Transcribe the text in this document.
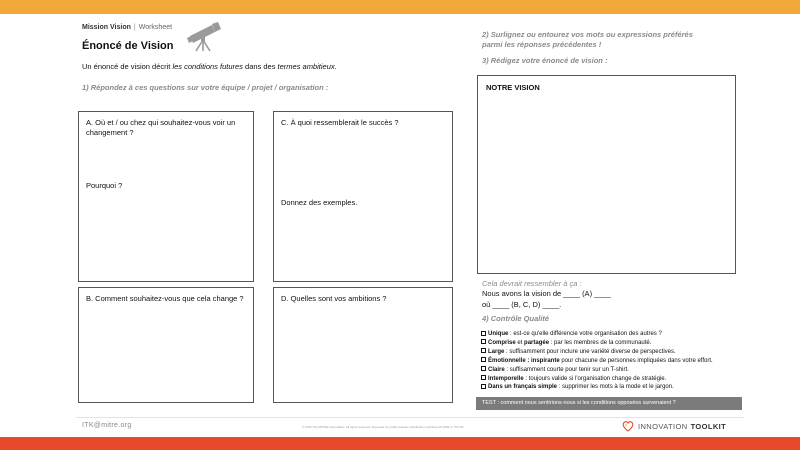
Mission Vision | Worksheet
Énoncé de Vision
Un énoncé de vision décrit les conditions futures dans des termes ambitieux.
1) Répondez à ces questions sur votre équipe / projet / organisation :
A. Où et / ou chez qui souhaitez-vous voir un changement ?
Pourquoi ?
C. À quoi ressemblerait le succès ?
Donnez des exemples.
B. Comment souhaitez-vous que cela change ?	D. Quelles sont vos ambitions ?
2) Surlignez ou entourez vos mots ou expressions préférés
parmi les réponses précédentes !
3) Rédigez votre énoncé de vision :
NOTRE VISION
Cela devrait ressembler à ça :
Nous avons la vision de ____ (A) ____
où ____ (B, C, D) ____.
4) Contrôle Qualité
Unique : est-ce qu'elle différencie votre organisation des autres ?
Comprise et partagée : par les membres de la communauté.
Large : suffisamment pour inclure une variété diverse de perspectives.
Émotionnelle : inspirante pour chacune de personnes impliquées dans votre effort.
Claire : suffisamment courte pour tenir sur un T-shirt.
Intemporelle : toujours valide si l'organisation change de stratégie.
Dans un français simple : supprimer les mots à la mode et le jargon.
TEST : comment nous sentirions-nous si les conditions opposées survenaient ?
ITK@mitre.org	© 2019 The MITRE Corporation. All rights reserved. Approved for public release. Distribution unlimited 19-1669-3. ITK/7/8	INNOVATION TOOLKIT
